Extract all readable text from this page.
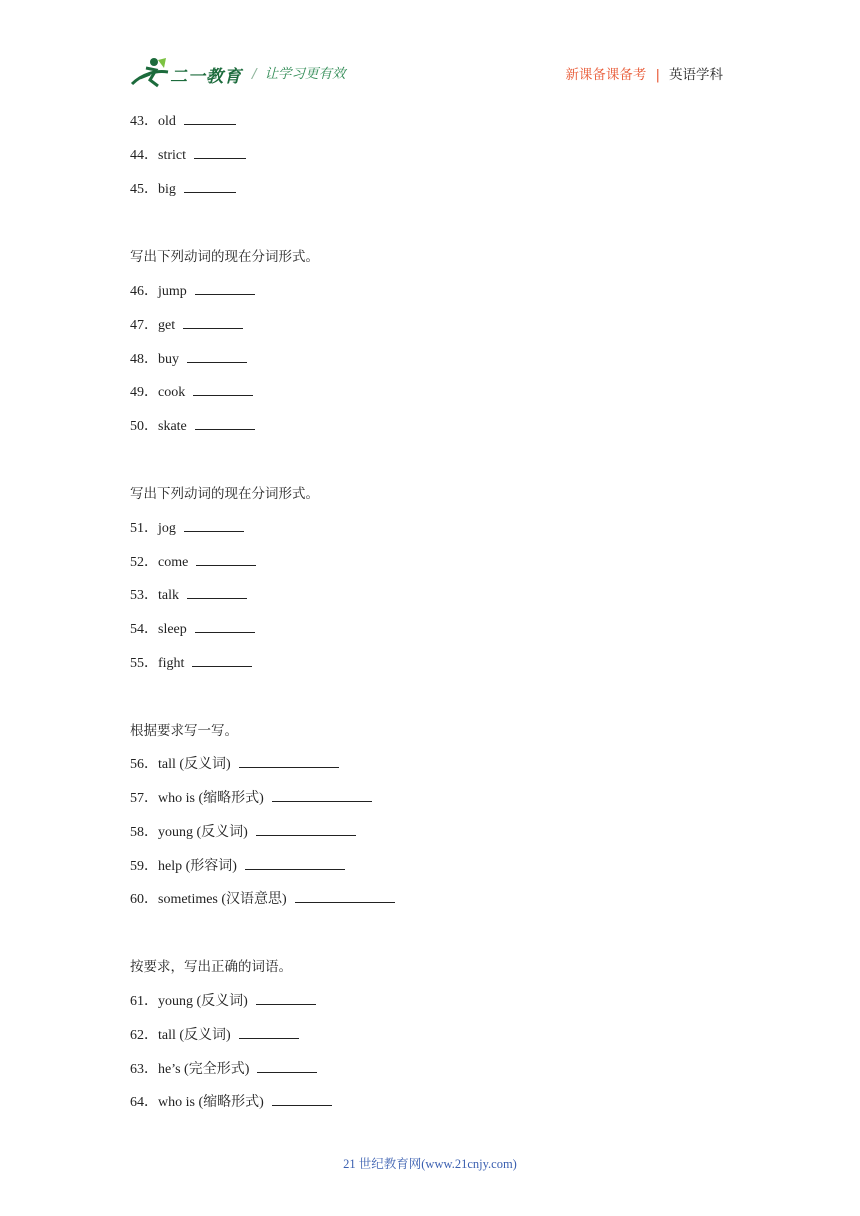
二一教育 / 让学习更有效	新课备课备考 | 英语学科
43．old
44．strict
45．big
写出下列动词的现在分词形式。
46．jump
47．get
48．buy
49．cook
50．skate
写出下列动词的现在分词形式。
51．jog
52．come
53．talk
54．sleep
55．fight
根据要求写一写。
56．tall (反义词)
57．who is (缩略形式)
58．young (反义词)
59．help (形容词)
60．sometimes (汉语意思)
按要求，写出正确的词语。
61．young (反义词)
62．tall (反义词)
63．he’s (完全形式)
64．who is (缩略形式)
21 世纪教育网(www.21cnjy.com)
